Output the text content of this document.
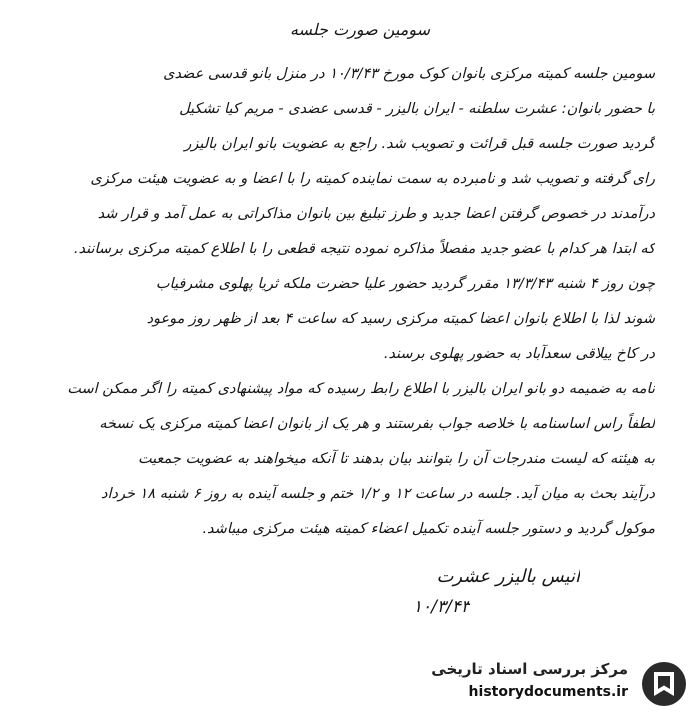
سومین صورت جلسه
سومین جلسه کمیته مرکزی بانوان کوک مورخ ۱۰/۳/۴۳ در منزل بانو قدسی عضدی
با حضور بانوان: عشرت سلطنه - ایران بالیزر - قدسی عضدی - مریم کیا تشکیل
گردید صورت جلسه قبل قرائت و تصویب شد. راجع به عضویت بانو ایران بالیزر
رای گرفته و تصویب شد و نامبرده به سمت نماینده کمیته را با اعضا و به عضویت هیئت مرکزی
درآمدند در خصوص گرفتن اعضا جدید و طرز تبلیغ بین بانوان مذاکراتی به عمل آمد و قرار شد
که ابتدا هر کدام با عضو جدید مفصلاً مذاکره نموده نتیجه قطعی را با اطلاع کمیته مرکزی برسانند.
چون روز ۴ شنبه ۱۳/۳/۴۳ مقرر گردید حضور علیا حضرت ملکه ثریا پهلوی مشرفیاب
شوند لذا با اطلاع بانوان اعضا کمیته مرکزی رسید که ساعت ۴ بعد از ظهر روز موعود
در کاخ ییلاقی سعدآباد به حضور پهلوی برسند.
نامه به ضمیمه دو بانو ایران بالیزر با اطلاع رابط رسیده که مواد پیشنهادی کمیته را اگر ممکن است
لطفاً راس اساسنامه با خلاصه جواب بفرستند و هر یک از بانوان اعضا کمیته مرکزی یک نسخه
به هیئته که لیست مندرجات آن را بتوانند بیان بدهند تا آنکه میخواهند به عضویت جمعیت
درآیند بحث به میان آید. جلسه در ساعت ۱۲ و ۱/۲ ختم و جلسه آینده به روز ۶ شنبه ۱۸ خرداد
موکول گردید و دستور جلسه آینده تکمیل اعضاء کمیته هیئت مرکزی میباشد.
انیس بالیزر عشرت
۱۰/۳/۴۳
مرکز بررسی اسناد تاریخی
historydocuments.ir
